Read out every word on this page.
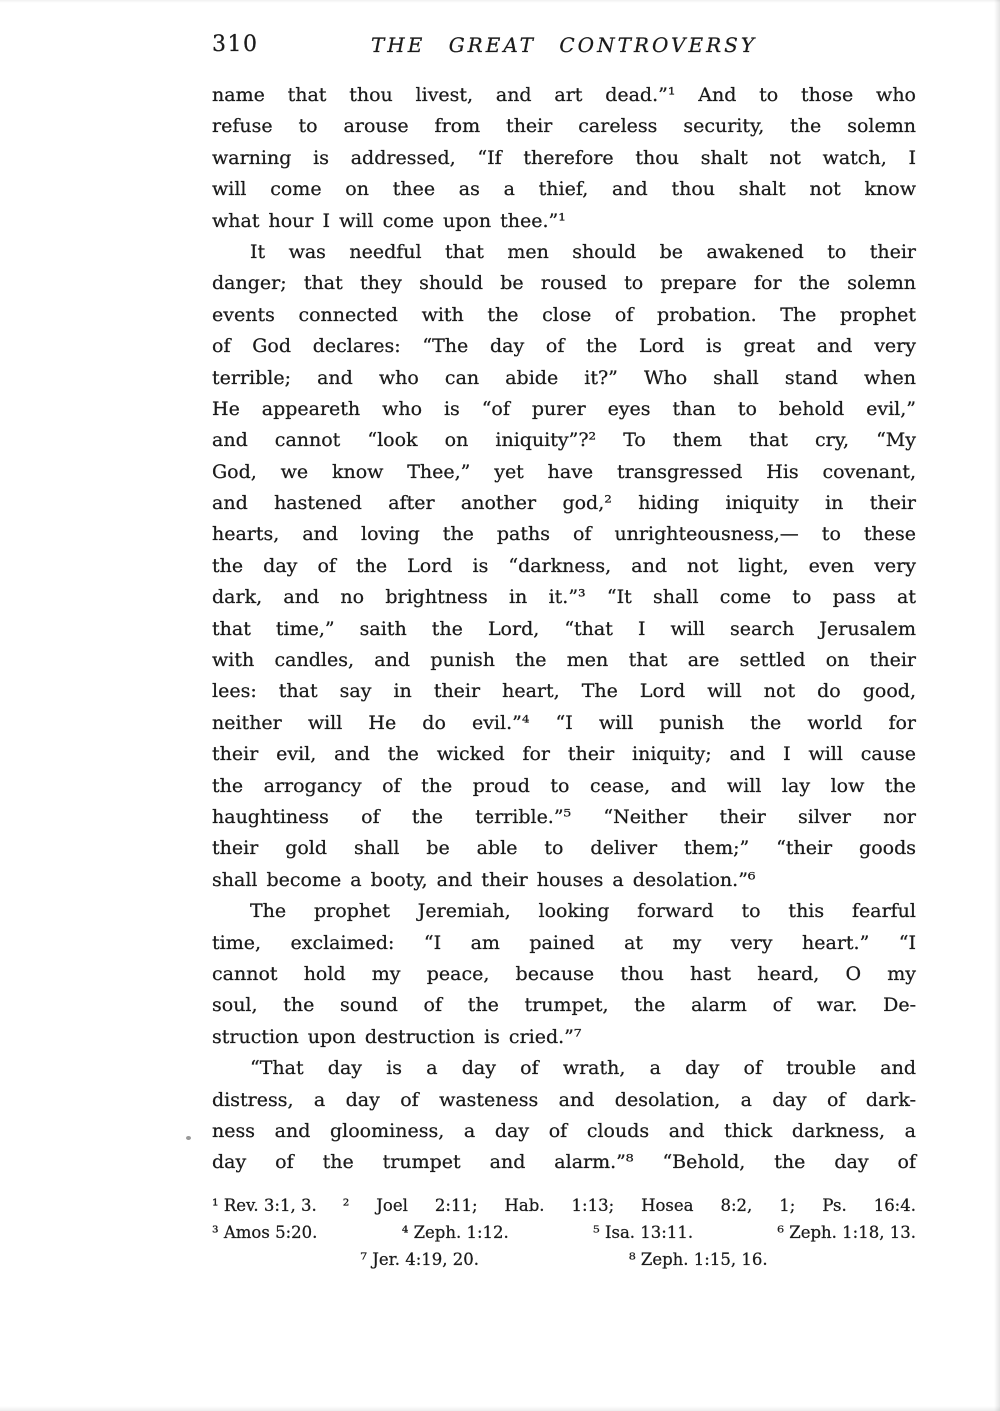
310	THE GREAT CONTROVERSY
name that thou livest, and art dead.”¹ And to those who
refuse to arouse from their careless security, the solemn
warning is addressed, “If therefore thou shalt not watch, I
will come on thee as a thief, and thou shalt not know
what hour I will come upon thee.”¹
It was needful that men should be awakened to their
danger; that they should be roused to prepare for the solemn
events connected with the close of probation. The prophet
of God declares: “The day of the Lord is great and very
terrible; and who can abide it?” Who shall stand when
He appeareth who is “of purer eyes than to behold evil,”
and cannot “look on iniquity”?² To them that cry, “My
God, we know Thee,” yet have transgressed His covenant,
and hastened after another god,² hiding iniquity in their
hearts, and loving the paths of unrighteousness,— to these
the day of the Lord is “darkness, and not light, even very
dark, and no brightness in it.”³ “It shall come to pass at
that time,” saith the Lord, “that I will search Jerusalem
with candles, and punish the men that are settled on their
lees: that say in their heart, The Lord will not do good,
neither will He do evil.”⁴ “I will punish the world for
their evil, and the wicked for their iniquity; and I will cause
the arrogancy of the proud to cease, and will lay low the
haughtiness of the terrible.”⁵ “Neither their silver nor
their gold shall be able to deliver them;” “their goods
shall become a booty, and their houses a desolation.”⁶
The prophet Jeremiah, looking forward to this fearful
time, exclaimed: “I am pained at my very heart.” “I
cannot hold my peace, because thou hast heard, O my
soul, the sound of the trumpet, the alarm of war. De-
struction upon destruction is cried.”⁷
“That day is a day of wrath, a day of trouble and
distress, a day of wasteness and desolation, a day of dark-
ness and gloominess, a day of clouds and thick darkness, a
day of the trumpet and alarm.”⁸ “Behold, the day of
¹ Rev. 3:1, 3.	² Joel 2:11; Hab. 1:13; Hosea 8:2, 1; Ps. 16:4.
³ Amos 5:20.	⁴ Zeph. 1:12.	⁵ Isa. 13:11.	⁶ Zeph. 1:18, 13.
⁷ Jer. 4:19, 20.	⁸ Zeph. 1:15, 16.
